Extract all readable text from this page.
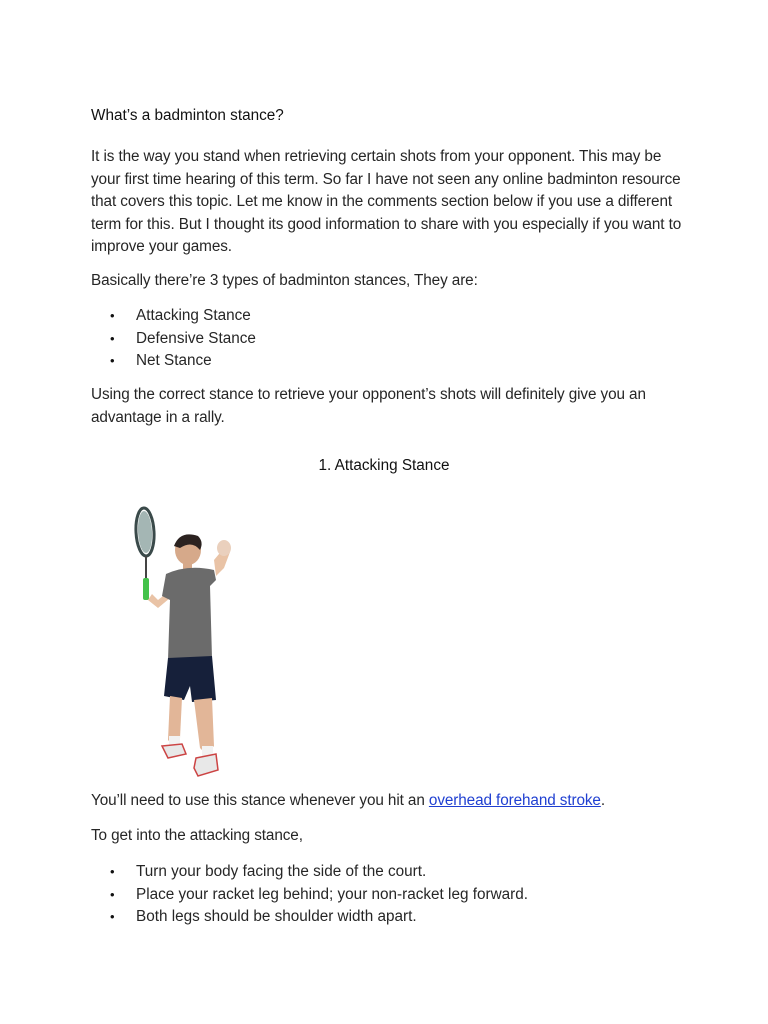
What’s a badminton stance?

It is the way you stand when retrieving certain shots from your opponent. This may be your first time hearing of this term. So far I have not seen any online badminton resource that covers this topic. Let me know in the comments section below if you use a different term for this. But I thought its good information to share with you especially if you want to improve your games.

Basically there’re 3 types of badminton stances, They are:

• Attacking Stance
• Defensive Stance
• Net Stance

Using the correct stance to retrieve your opponent’s shots will definitely give you an advantage in a rally.

1. Attacking Stance

You’ll need to use this stance whenever you hit an overhead forehand stroke.

To get into the attacking stance,

• Turn your body facing the side of the court.
• Place your racket leg behind; your non-racket leg forward.
• Both legs should be shoulder width apart.
